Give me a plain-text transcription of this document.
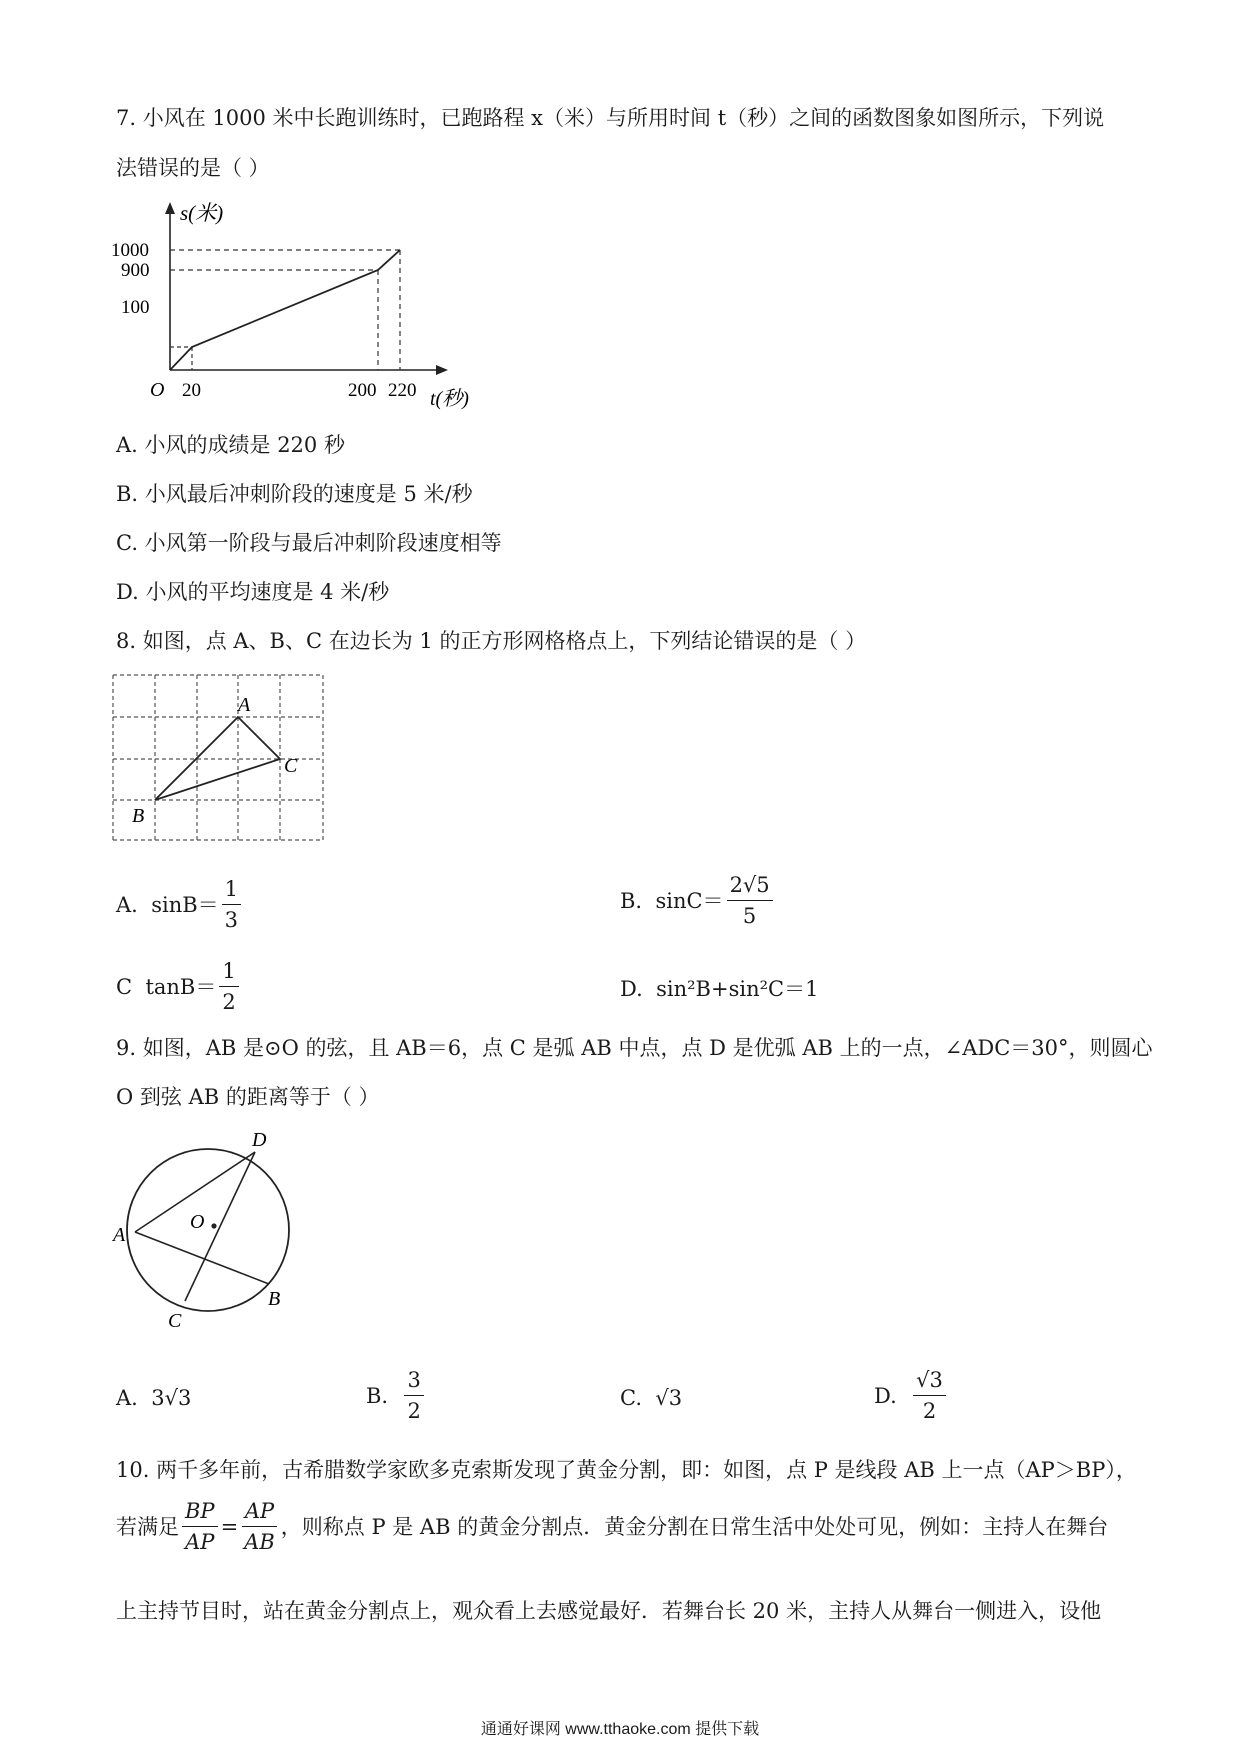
7. 小风在 1000 米中长跑训练时，已跑路程 x（米）与所用时间 t（秒）之间的函数图象如图所示，下列说
法错误的是（ ）
s(米)
1000
900
100
O 20	200 220 t(秒)
A. 小风的成绩是 220 秒
B. 小风最后冲刺阶段的速度是 5 米/秒
C. 小风第一阶段与最后冲刺阶段速度相等
D. 小风的平均速度是 4 米/秒
8. 如图，点 A、B、C 在边长为 1 的正方形网格格点上，下列结论错误的是（ ）
A
C
B
A.
$\sin B= \frac{1}{3}$	B.
$\sin C= \frac{2√5}{5}$
C
$\tan B= \frac{1}{2}$	D.
sin²B+sin²C＝1
9. 如图，AB 是⊙O 的弦，且 AB＝6，点 C 是弧 AB 中点，点 D 是优弧 AB 上的一点，∠ADC＝30°，则圆心
O 到弦 AB 的距离等于（ ）
A
D
O
B
C
A.
3√3	B.
$\frac{3}{2}$	C.
√3	D.
$\frac{√3}{2}$
10. 两千多年前，古希腊数学家欧多克索斯发现了黄金分割，即：如图，点 P 是线段 AB 上一点（AP＞BP），
若满足 $\frac{BP}{AP} = \frac{AP}{AB}$ ，则称点 P 是 AB 的黄金分割点．黄金分割在日常生活中处处可见，例如：主持人在舞台
上主持节目时，站在黄金分割点上，观众看上去感觉最好．若舞台长 20 米，主持人从舞台一侧进入，设他
通通好课网 www.tthaoke.com 提供下载
